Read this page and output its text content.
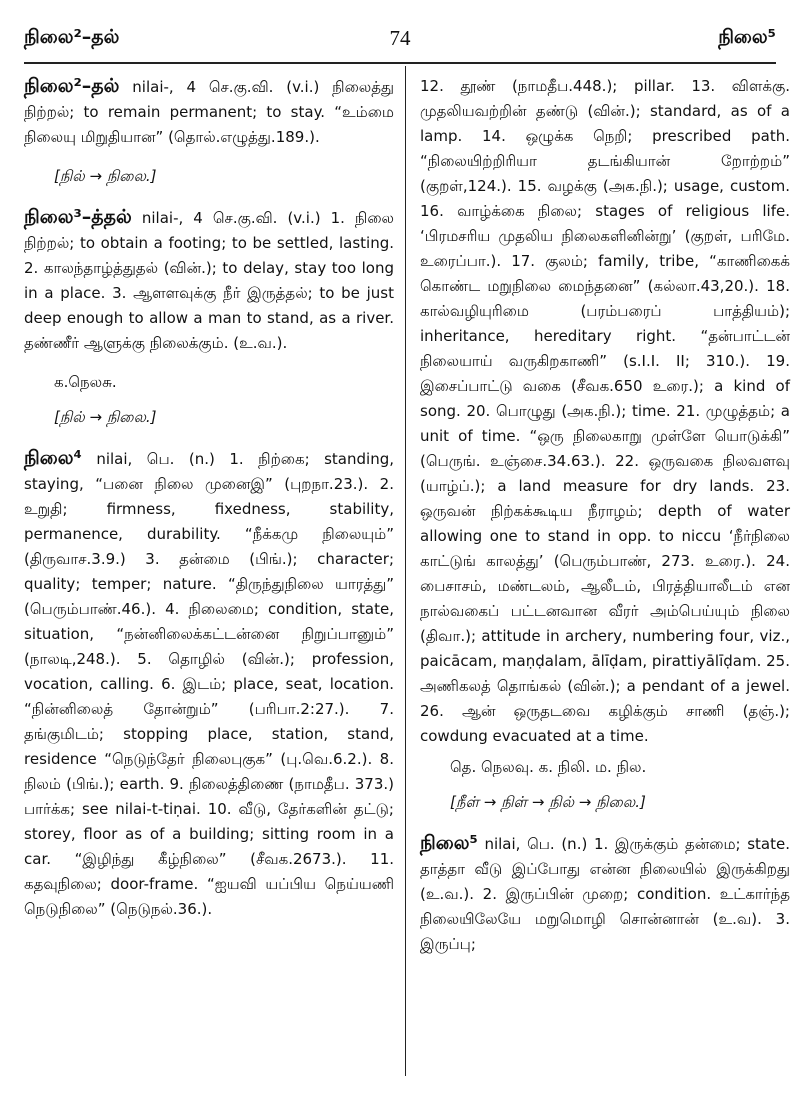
நிலை²–தல்	74	நிலை⁵
நிலை²–தல் nilai-, 4 செ.கு.வி. (v.i.) நிலைத்து நிற்றல்; to remain permanent; to stay. “உம்மை நிலையு மிறுதியான” (தொல்.எழுத்து.189.).
[நில் → நிலை.]
நிலை³–த்தல் nilai-, 4 செ.கு.வி. (v.i.) 1. நிலை நிற்றல்; to obtain a footing; to be settled, lasting. 2. காலந்தாழ்த்துதல் (வின்.); to delay, stay too long in a place. 3. ஆளளவுக்கு நீர் இருத்தல்; to be just deep enough to allow a man to stand, as a river. தண்ணீர் ஆளுக்கு நிலைக்கும். (உ.வ.).
க.நெலசு.
[நில் → நிலை.]
நிலை⁴ nilai, பெ. (n.) 1. நிற்கை; standing, staying, “பனை நிலை முனைஇ” (புறநா.23.). 2. உறுதி; firmness, fixedness, stability, permanence, durability. “நீக்கமு நிலையும்” (திருவாச.3.9.) 3. தன்மை (பிங்.); character; quality; temper; nature. “திருந்துநிலை யாரத்து” (பெரும்பாண்.46.). 4. நிலைமை; condition, state, situation, “நன்னிலைக்கட்டன்னை நிறுப்பானும்” (நாலடி,248.). 5. தொழில் (வின்.); profession, vocation, calling. 6. இடம்; place, seat, location. “நின்னிலைத் தோன்றும்” (பரிபா.2:27.). 7. தங்குமிடம்; stopping place, station, stand, residence “நெடுந்தேர் நிலைபுகுக” (பு.வெ.6.2.). 8. நிலம் (பிங்.); earth. 9. நிலைத்திணை (நாமதீப. 373.) பார்க்க; see nilai-t-tiṇai. 10. வீடு, தேர்களின் தட்டு; storey, floor as of a building; sitting room in a car. “இழிந்து கீழ்நிலை” (சீவக.2673.). 11. கதவுநிலை; door-frame. “ஐயவி யப்பிய நெய்யணி நெடுநிலை” (நெடுநல்.36.).
12. தூண் (நாமதீப.448.); pillar. 13. விளக்கு. முதலியவற்றின் தண்டு (வின்.); standard, as of a lamp. 14. ஒழுக்க நெறி; prescribed path. “நிலையிற்றிரியா தடங்கியான் றோற்றம்” (குறள்,124.). 15. வழக்கு (அக.நி.); usage, custom. 16. வாழ்க்கை நிலை; stages of religious life. ‘பிரமசரிய முதலிய நிலைகளினின்று’ (குறள், பரிமே. உரைப்பா.). 17. குலம்; family, tribe, “காணிகைக் கொண்ட மறுநிலை மைந்தனை” (கல்லா.43,20.). 18. கால்வழியுரிமை (பரம்பரைப் பாத்தியம்); inheritance, hereditary right. “தன்பாட்டன் நிலையாய் வருகிறகாணி” (s.I.I. II; 310.). 19. இசைப்பாட்டு வகை (சீவக.650 உரை.); a kind of song. 20. பொழுது (அக.நி.); time. 21. முழுத்தம்; a unit of time. “ஒரு நிலைகாறு முள்ளே யொடுக்கி” (பெருங். உஞ்சை.34.63.). 22. ஒருவகை நிலவளவு (யாழ்ப்.); a land measure for dry lands. 23. ஒருவன் நிற்கக்கூடிய நீராழம்; depth of water allowing one to stand in opp. to niccu ‘நீர்நிலை காட்டுங் காலத்து’ (பெரும்பாண், 273. உரை.). 24. பைசாசம், மண்டலம், ஆலீடம், பிரத்தியாலீடம் என நால்வகைப் பட்டனவான வீரர் அம்பெய்யும் நிலை (திவா.); attitude in archery, numbering four, viz., paicācam, maṇḍalam, ālīḍam, pirattiyālīḍam. 25. அணிகலத் தொங்கல் (வின்.); a pendant of a jewel. 26. ஆன் ஒருதடவை கழிக்கும் சாணி (தஞ்.); cowdung evacuated at a time.
தெ. நெலவு. க. நிலி. ம. நில.
[நீள் → நிள் → நில் → நிலை.]
நிலை⁵ nilai, பெ. (n.) 1. இருக்கும் தன்மை; state. தாத்தா வீடு இப்போது என்ன நிலையில் இருக்கிறது (உ.வ.). 2. இருப்பின் முறை; condition. உட்கார்ந்த நிலையிலேயே மறுமொழி சொன்னான் (உ.வ). 3. இருப்பு;
